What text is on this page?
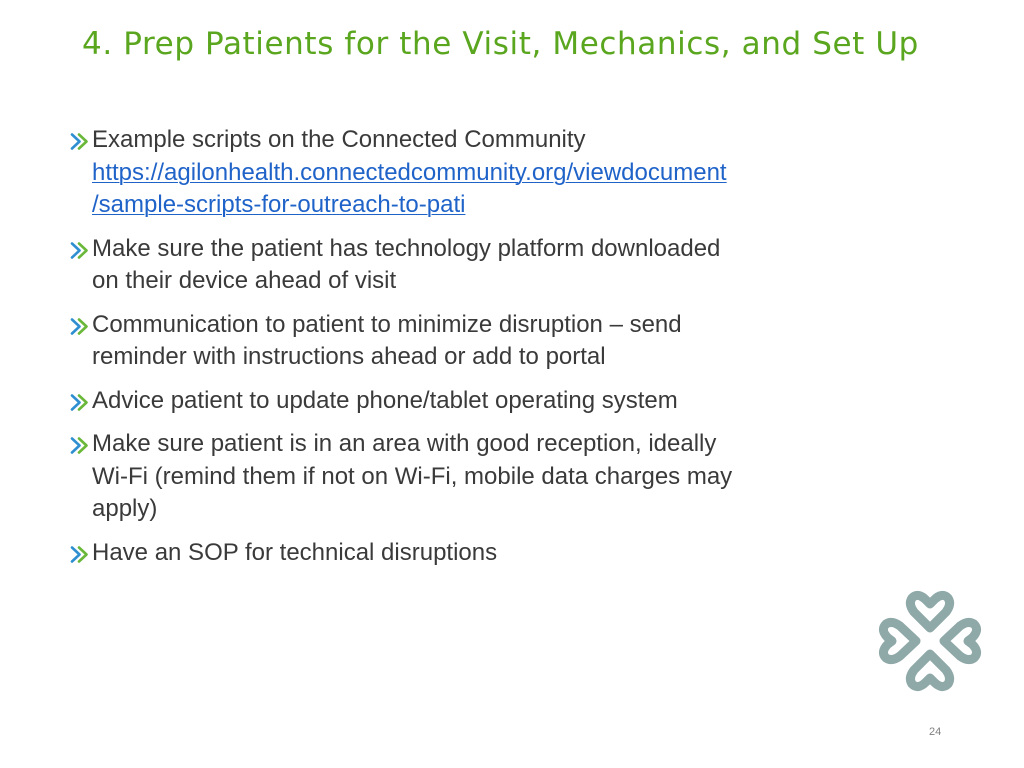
4. Prep Patients for the Visit, Mechanics, and Set Up
Example scripts on the Connected Community
https://agilonhealth.connectedcommunity.org/viewdocument
/sample-scripts-for-outreach-to-pati
Make sure the patient has technology platform downloaded
on their device ahead of visit
Communication to patient to minimize disruption – send
reminder with instructions ahead or add to portal
Advice patient to update phone/tablet operating system
Make sure patient is in an area with good reception, ideally
Wi-Fi (remind them if not on Wi-Fi, mobile data charges may
apply)
Have an SOP for technical disruptions
24
